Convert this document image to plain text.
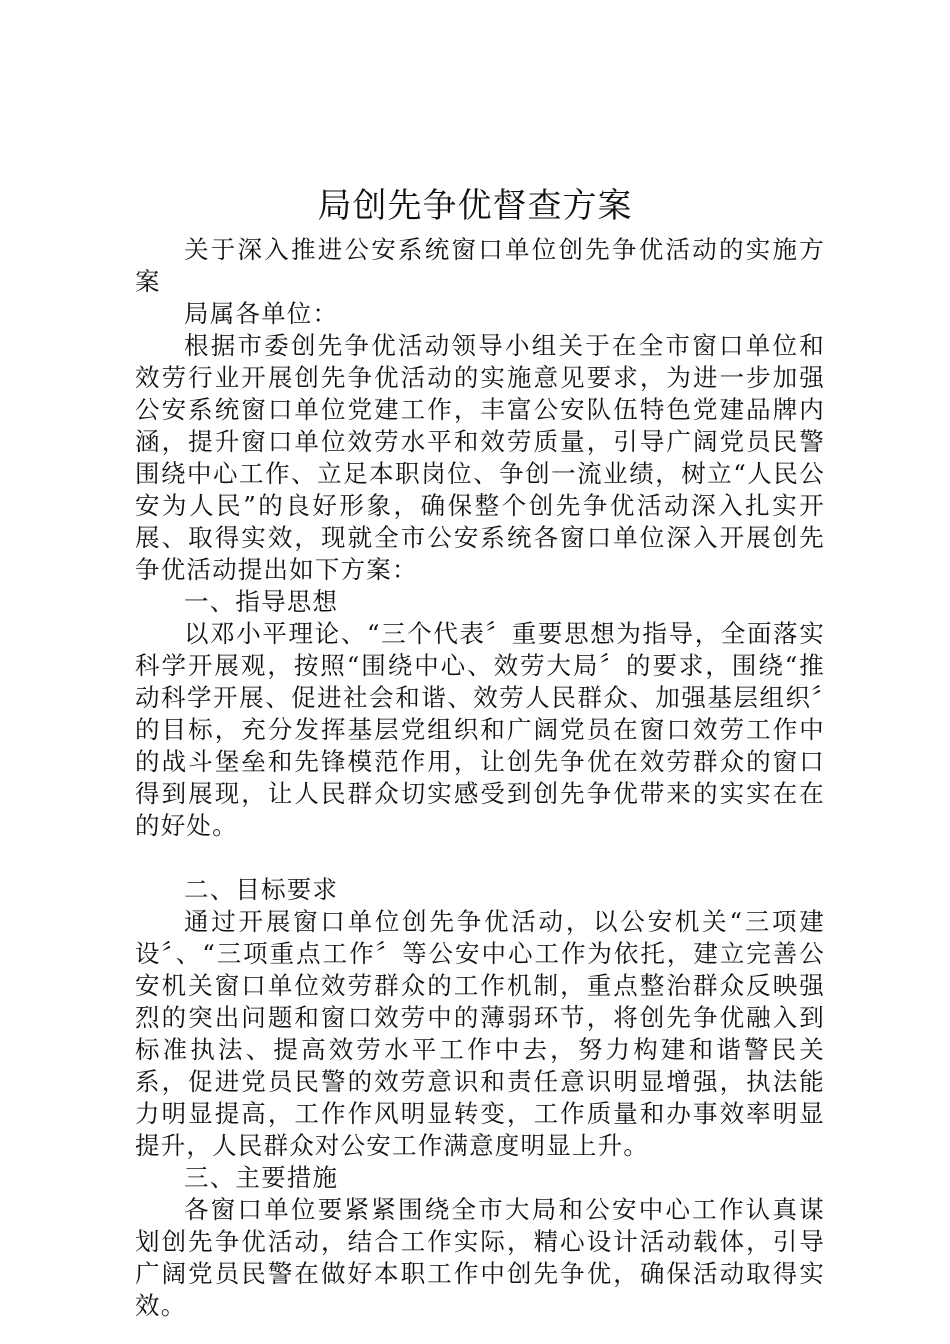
局创先争优督查方案

关于深入推进公安系统窗口单位创先争优活动的实施方案

局属各单位：

根据市委创先争优活动领导小组关于在全市窗口单位和效劳行业开展创先争优活动的实施意见要求，为进一步加强公安系统窗口单位党建工作，丰富公安队伍特色党建品牌内涵，提升窗口单位效劳水平和效劳质量，引导广阔党员民警围绕中心工作、立足本职岗位、争创一流业绩，树立“人民公安为人民”的良好形象，确保整个创先争优活动深入扎实开展、取得实效，现就全市公安系统各窗口单位深入开展创先争优活动提出如下方案：

一、指导思想

以邓小平理论、“三个代表〞重要思想为指导，全面落实科学开展观，按照“围绕中心、效劳大局〞的要求，围绕“推动科学开展、促进社会和谐、效劳人民群众、加强基层组织〞的目标，充分发挥基层党组织和广阔党员在窗口效劳工作中的战斗堡垒和先锋模范作用，让创先争优在效劳群众的窗口得到展现，让人民群众切实感受到创先争优带来的实实在在的好处。

二、目标要求

通过开展窗口单位创先争优活动，以公安机关“三项建设〞、“三项重点工作〞等公安中心工作为依托，建立完善公安机关窗口单位效劳群众的工作机制，重点整治群众反映强烈的突出问题和窗口效劳中的薄弱环节，将创先争优融入到标准执法、提高效劳水平工作中去，努力构建和谐警民关系，促进党员民警的效劳意识和责任意识明显增强，执法能力明显提高，工作作风明显转变，工作质量和办事效率明显提升，人民群众对公安工作满意度明显上升。

三、主要措施

各窗口单位要紧紧围绕全市大局和公安中心工作认真谋划创先争优活动，结合工作实际，精心设计活动载体，引导广阔党员民警在做好本职工作中创先争优，确保活动取得实效。
